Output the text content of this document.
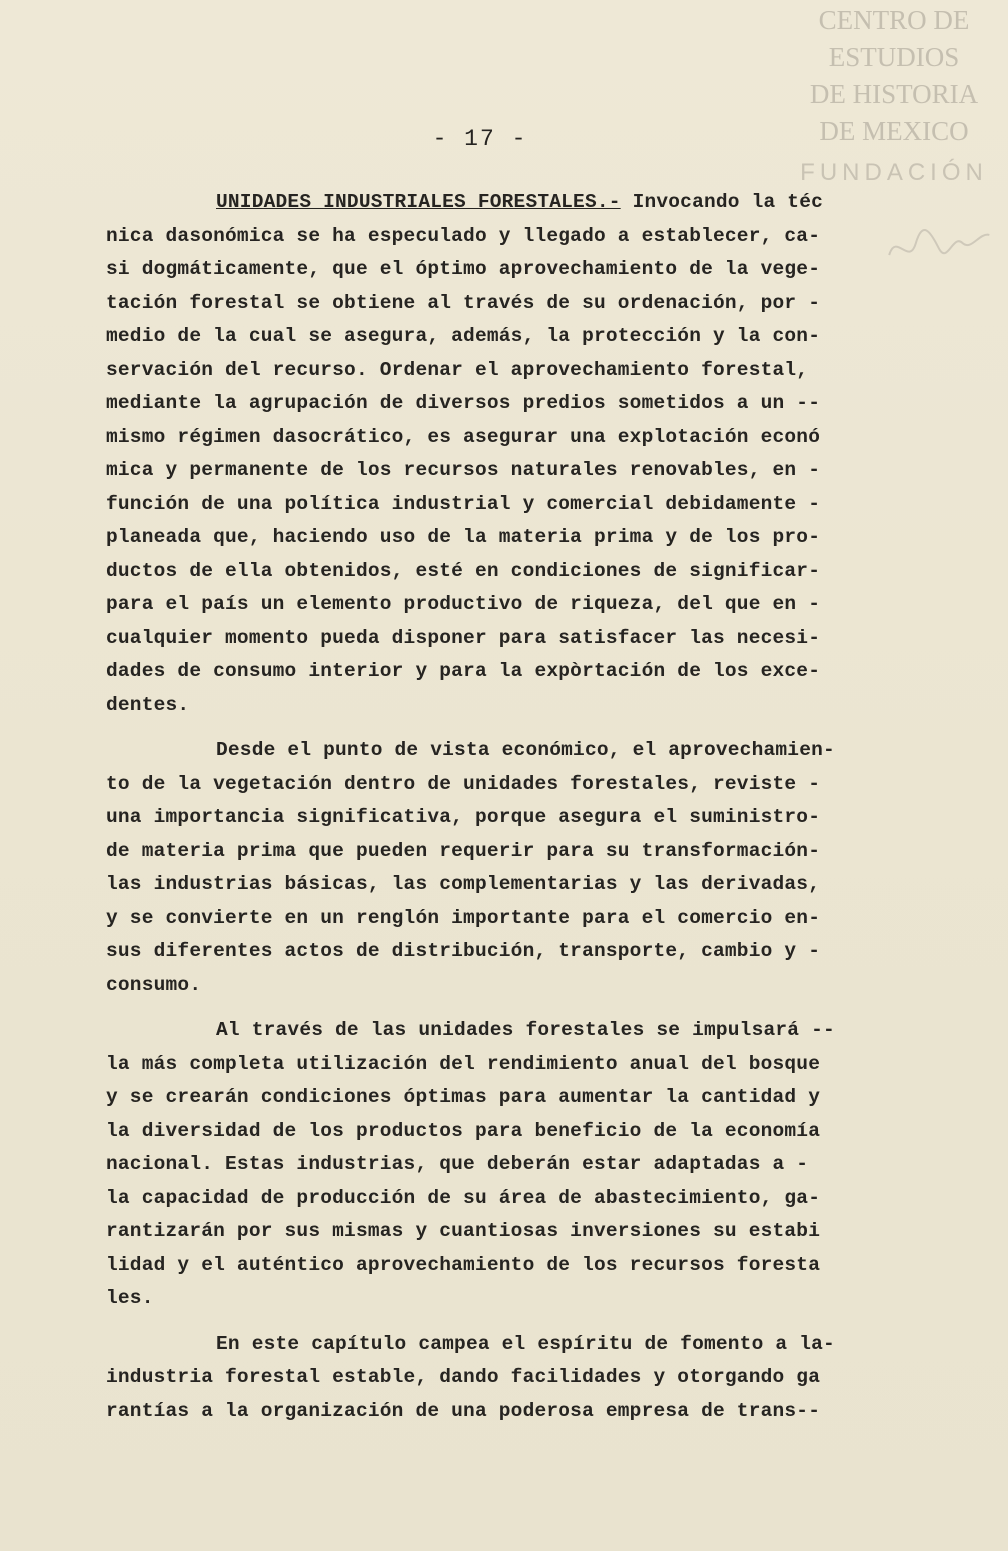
CENTRO DE
ESTUDIOS
DE HISTORIA
DE MEXICO
FUNDACIÓN
- 17 -
UNIDADES INDUSTRIALES FORESTALES.- Invocando la téc
nica dasonómica se ha especulado y llegado a establecer, ca-
si dogmáticamente, que el óptimo aprovechamiento de la vege-
tación forestal se obtiene al través de su ordenación, por -
medio de la cual se asegura, además, la protección y la con-
servación del recurso. Ordenar el aprovechamiento forestal,
mediante la agrupación de diversos predios sometidos a un --
mismo régimen dasocrático, es asegurar una explotación econó
mica y permanente de los recursos naturales renovables, en -
función de una política industrial y comercial debidamente -
planeada que, haciendo uso de la materia prima y de los pro-
ductos de ella obtenidos, esté en condiciones de significar-
para el país un elemento productivo de riqueza, del que en -
cualquier momento pueda disponer para satisfacer las necesi-
dades de consumo interior y para la expòrtación de los exce-
dentes.
Desde el punto de vista económico, el aprovechamien-
to de la vegetación dentro de unidades forestales, reviste -
una importancia significativa, porque asegura el suministro-
de materia prima que pueden requerir para su transformación-
las industrias básicas, las complementarias y las derivadas,
y se convierte en un renglón importante para el comercio en-
sus diferentes actos de distribución, transporte, cambio y -
consumo.
Al través de las unidades forestales se impulsará --
la más completa utilización del rendimiento anual del bosque
y se crearán condiciones óptimas para aumentar la cantidad y
la diversidad de los productos para beneficio de la economía
nacional. Estas industrias, que deberán estar adaptadas a -
la capacidad de producción de su área de abastecimiento, ga-
rantizarán por sus mismas y cuantiosas inversiones su estabi
lidad y el auténtico aprovechamiento de los recursos foresta
les.
En este capítulo campea el espíritu de fomento a la-
industria forestal estable, dando facilidades y otorgando ga
rantías a la organización de una poderosa empresa de trans--
